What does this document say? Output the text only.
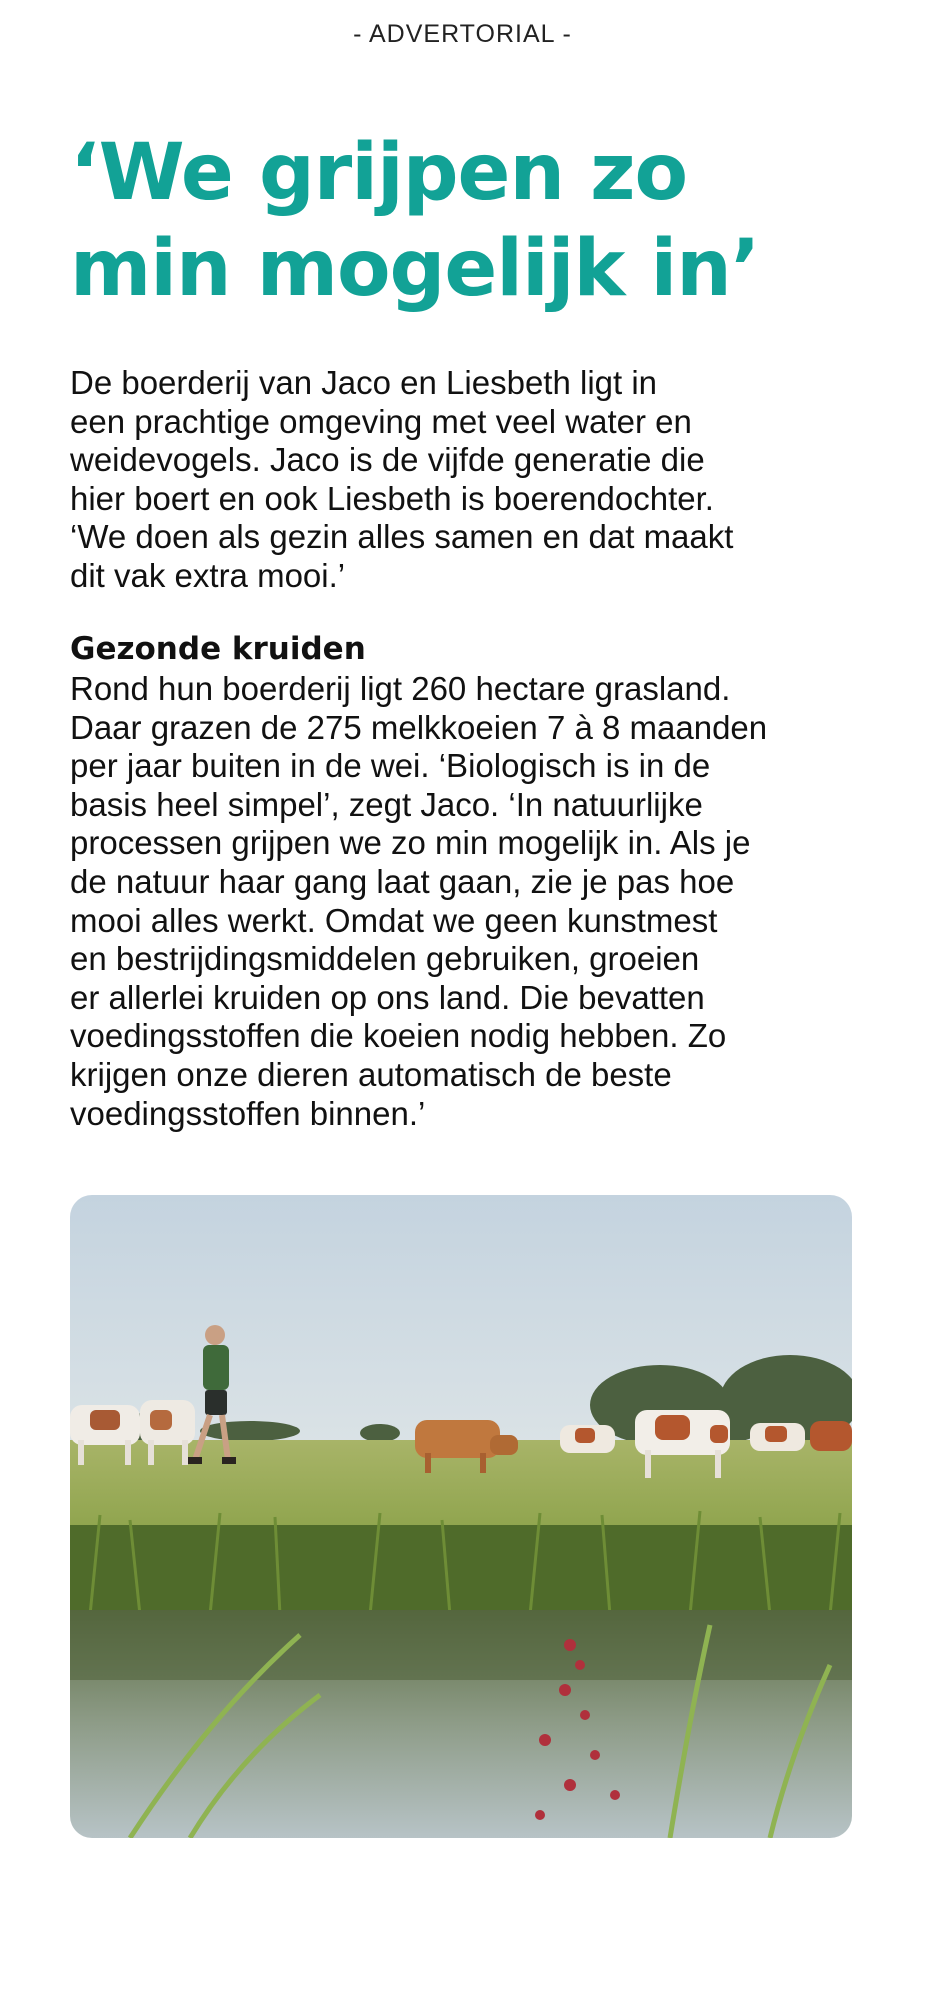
- ADVERTORIAL -
‘We grijpen zo
min mogelijk in’
De boerderij van Jaco en Liesbeth ligt in
een prachtige omgeving met veel water en
weidevogels. Jaco is de vijfde generatie die
hier boert en ook Liesbeth is boerendochter.
‘We doen als gezin alles samen en dat maakt
dit vak extra mooi.’
Gezonde kruiden
Rond hun boerderij ligt 260 hectare grasland.
Daar grazen de 275 melkkoeien 7 à 8 maanden
per jaar buiten in de wei. ‘Biologisch is in de
basis heel simpel’, zegt Jaco. ‘In natuurlijke
processen grijpen we zo min mogelijk in. Als je
de natuur haar gang laat gaan, zie je pas hoe
mooi alles werkt. Omdat we geen kunstmest
en bestrijdingsmiddelen gebruiken, groeien
er allerlei kruiden op ons land. Die bevatten
voedingsstoffen die koeien nodig hebben. Zo
krijgen onze dieren automatisch de beste
voedingsstoffen binnen.’
